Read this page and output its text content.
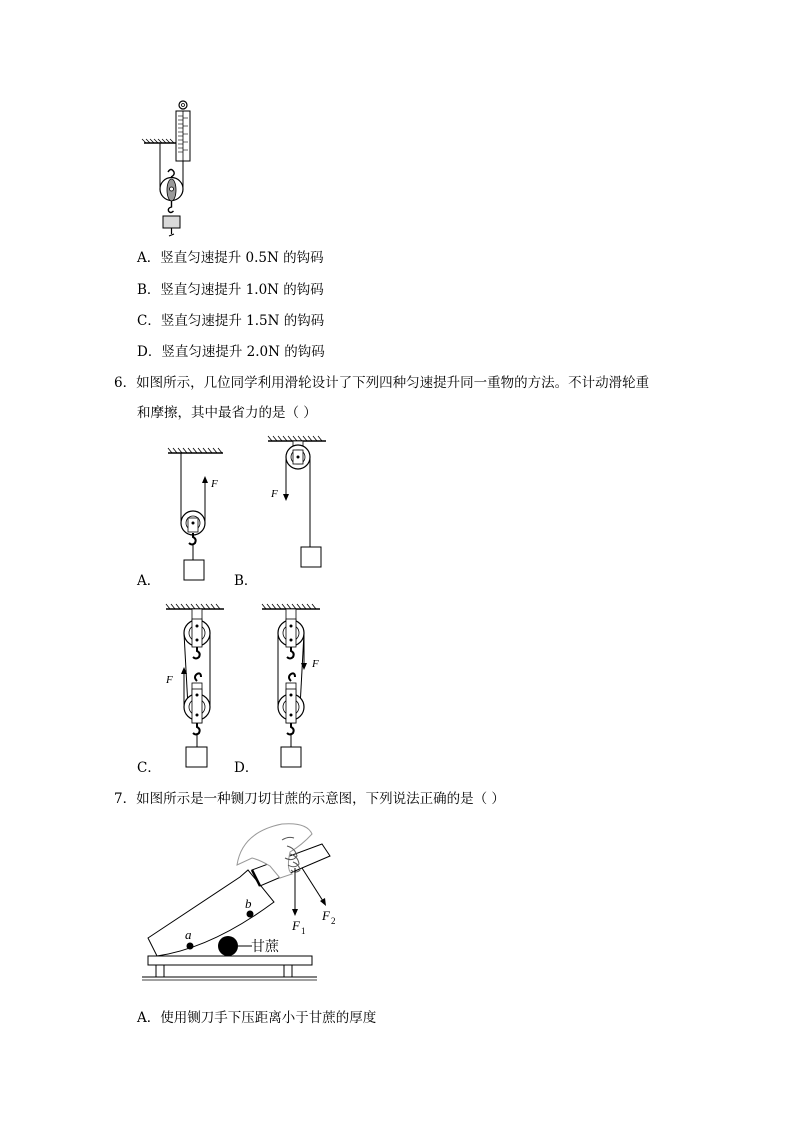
A．竖直匀速提升 0.5N 的钩码
B．竖直匀速提升 1.0N 的钩码
C．竖直匀速提升 1.5N 的钩码
D．竖直匀速提升 2.0N 的钩码
6．如图所示，几位同学利用滑轮设计了下列四种匀速提升同一重物的方法。不计动滑轮重
和摩擦，其中最省力的是（ ）
F
A．
F
B．
F
C．
F
D．
7．如图所示是一种铡刀切甘蔗的示意图，下列说法正确的是（ ）
F 1
F 2
a
b
甘蔗
A．使用铡刀手下压距离小于甘蔗的厚度
